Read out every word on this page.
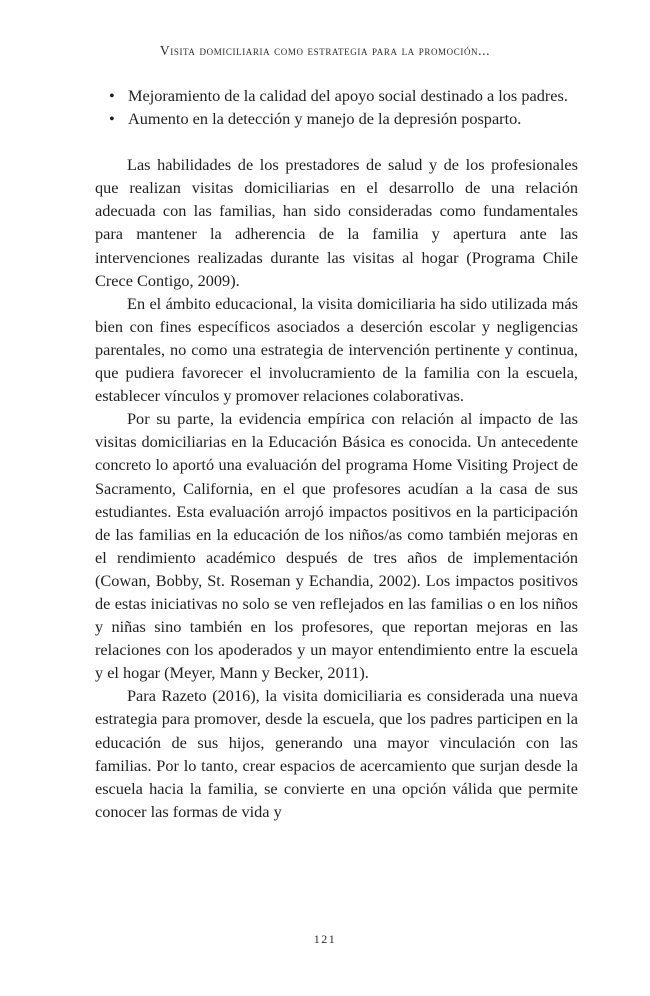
Visita domiciliaria como estrategia para la promoción...
• Mejoramiento de la calidad del apoyo social destinado a los padres.
• Aumento en la detección y manejo de la depresión posparto.

Las habilidades de los prestadores de salud y de los profesionales que realizan visitas domiciliarias en el desarrollo de una relación adecuada con las familias, han sido consideradas como fundamentales para mantener la adherencia de la familia y apertura ante las intervenciones realizadas durante las visitas al hogar (Programa Chile Crece Contigo, 2009).

En el ámbito educacional, la visita domiciliaria ha sido utilizada más bien con fines específicos asociados a deserción escolar y negligencias parentales, no como una estrategia de intervención pertinente y continua, que pudiera favorecer el involucramiento de la familia con la escuela, establecer vínculos y promover relaciones colaborativas.

Por su parte, la evidencia empírica con relación al impacto de las visitas domiciliarias en la Educación Básica es conocida. Un antecedente concreto lo aportó una evaluación del programa Home Visiting Project de Sacramento, California, en el que profesores acudían a la casa de sus estudiantes. Esta evaluación arrojó impactos positivos en la participación de las familias en la educación de los niños/as como también mejoras en el rendimiento académico después de tres años de implementación (Cowan, Bobby, St. Roseman y Echandia, 2002). Los impactos positivos de estas iniciativas no solo se ven reflejados en las familias o en los niños y niñas sino también en los profesores, que reportan mejoras en las relaciones con los apoderados y un mayor entendimiento entre la escuela y el hogar (Meyer, Mann y Becker, 2011).

Para Razeto (2016), la visita domiciliaria es considerada una nueva estrategia para promover, desde la escuela, que los padres participen en la educación de sus hijos, generando una mayor vinculación con las familias. Por lo tanto, crear espacios de acercamiento que surjan desde la escuela hacia la familia, se convierte en una opción válida que permite conocer las formas de vida y

121
